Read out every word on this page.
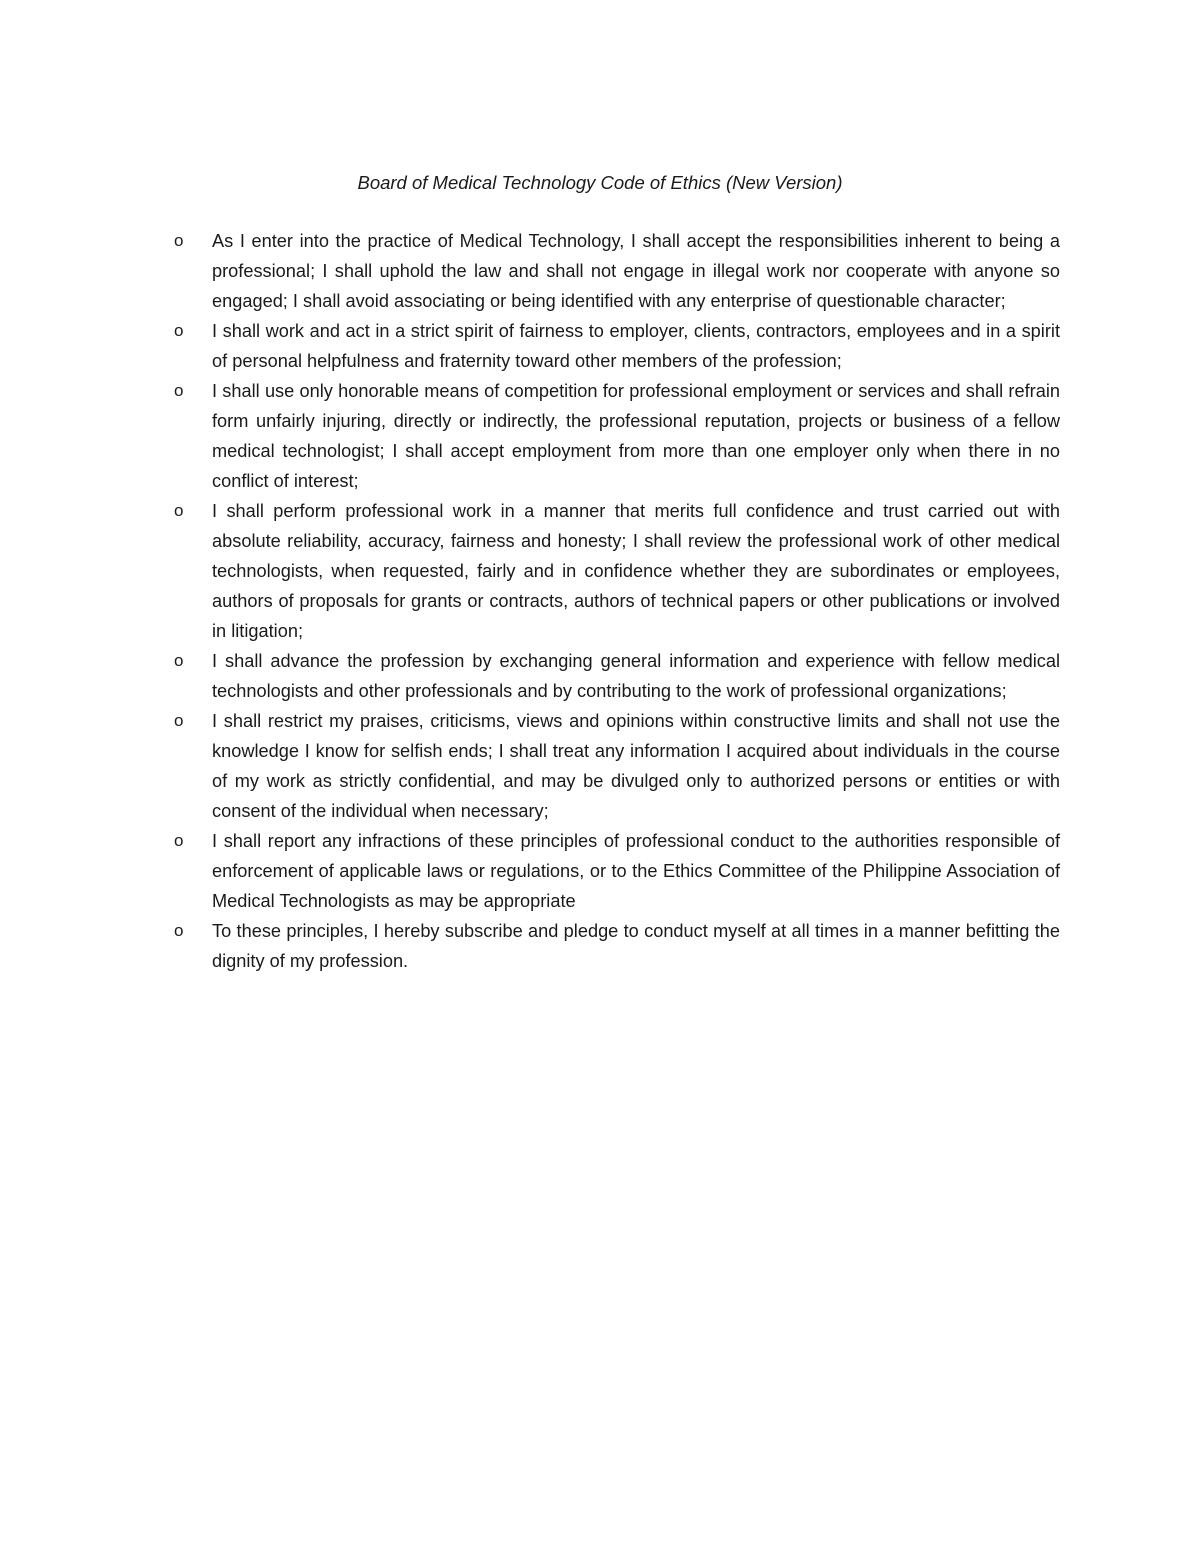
Board of Medical Technology Code of Ethics (New Version)
o As I enter into the practice of Medical Technology, I shall accept the responsibilities inherent to being a professional; I shall uphold the law and shall not engage in illegal work nor cooperate with anyone so engaged; I shall avoid associating or being identified with any enterprise of questionable character;
o I shall work and act in a strict spirit of fairness to employer, clients, contractors, employees and in a spirit of personal helpfulness and fraternity toward other members of the profession;
o I shall use only honorable means of competition for professional employment or services and shall refrain form unfairly injuring, directly or indirectly, the professional reputation, projects or business of a fellow medical technologist; I shall accept employment from more than one employer only when there in no conflict of interest;
o I shall perform professional work in a manner that merits full confidence and trust carried out with absolute reliability, accuracy, fairness and honesty; I shall review the professional work of other medical technologists, when requested, fairly and in confidence whether they are subordinates or employees, authors of proposals for grants or contracts, authors of technical papers or other publications or involved in litigation;
o I shall advance the profession by exchanging general information and experience with fellow medical technologists and other professionals and by contributing to the work of professional organizations;
o I shall restrict my praises, criticisms, views and opinions within constructive limits and shall not use the knowledge I know for selfish ends; I shall treat any information I acquired about individuals in the course of my work as strictly confidential, and may be divulged only to authorized persons or entities or with consent of the individual when necessary;
o I shall report any infractions of these principles of professional conduct to the authorities responsible of enforcement of applicable laws or regulations, or to the Ethics Committee of the Philippine Association of Medical Technologists as may be appropriate
o To these principles, I hereby subscribe and pledge to conduct myself at all times in a manner befitting the dignity of my profession.
